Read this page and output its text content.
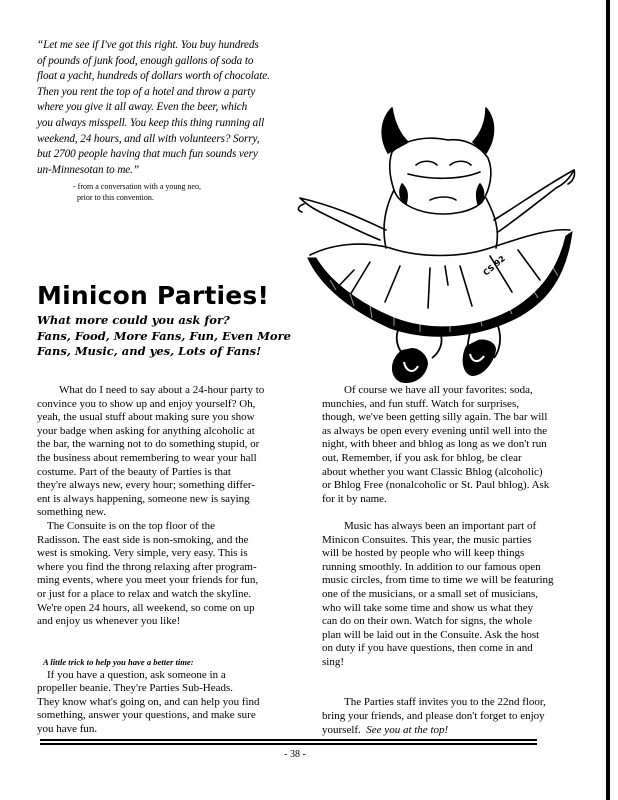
“Let me see if I've got this right. You buy hundreds
of pounds of junk food, enough gallons of soda to
float a yacht, hundreds of dollars worth of chocolate.
Then you rent the top of a hotel and throw a party
where you give it all away. Even the beer, which
you always misspell. You keep this thing running all
weekend, 24 hours, and all with volunteers? Sorry,
but 2700 people having that much fun sounds very
un-Minnesotan to me.”

- from a conversation with a young neo,
prior to this convention.
CS 92
Minicon Parties!
What more could you ask for?
Fans, Food, More Fans, Fun, Even More
Fans, Music, and yes, Lots of Fans!
What do I need to say about a 24-hour party to
convince you to show up and enjoy yourself? Oh,
yeah, the usual stuff about making sure you show
your badge when asking for anything alcoholic at
the bar, the warning not to do something stupid, or
the business about remembering to wear your hall
costume. Part of the beauty of Parties is that
they're always new, every hour; something differ-
ent is always happening, someone new is saying
something new.
The Consuite is on the top floor of the
Radisson. The east side is non-smoking, and the
west is smoking. Very simple, very easy. This is
where you find the throng relaxing after program-
ming events, where you meet your friends for fun,
or just for a place to relax and watch the skyline.
We're open 24 hours, all weekend, so come on up
and enjoy us whenever you like!
A little trick to help you have a better time:
If you have a question, ask someone in a
propeller beanie. They're Parties Sub-Heads.
They know what's going on, and can help you find
something, answer your questions, and make sure
you have fun.
Of course we have all your favorites: soda,
munchies, and fun stuff. Watch for surprises,
though, we've been getting silly again. The bar will
as always be open every evening until well into the
night, with bheer and bhlog as long as we don't run
out. Remember, if you ask for bhlog, be clear
about whether you want Classic Bhlog (alcoholic)
or Bhlog Free (nonalcoholic or St. Paul bhlog). Ask
for it by name.
Music has always been an important part of
Minicon Consuites. This year, the music parties
will be hosted by people who will keep things
running smoothly. In addition to our famous open
music circles, from time to time we will be featuring
one of the musicians, or a small set of musicians,
who will take some time and show us what they
can do on their own. Watch for signs, the whole
plan will be laid out in the Consuite. Ask the host
on duty if you have questions, then come in and
sing!
The Parties staff invites you to the 22nd floor,
bring your friends, and please don't forget to enjoy
yourself.  See you at the top!
- 38 -
